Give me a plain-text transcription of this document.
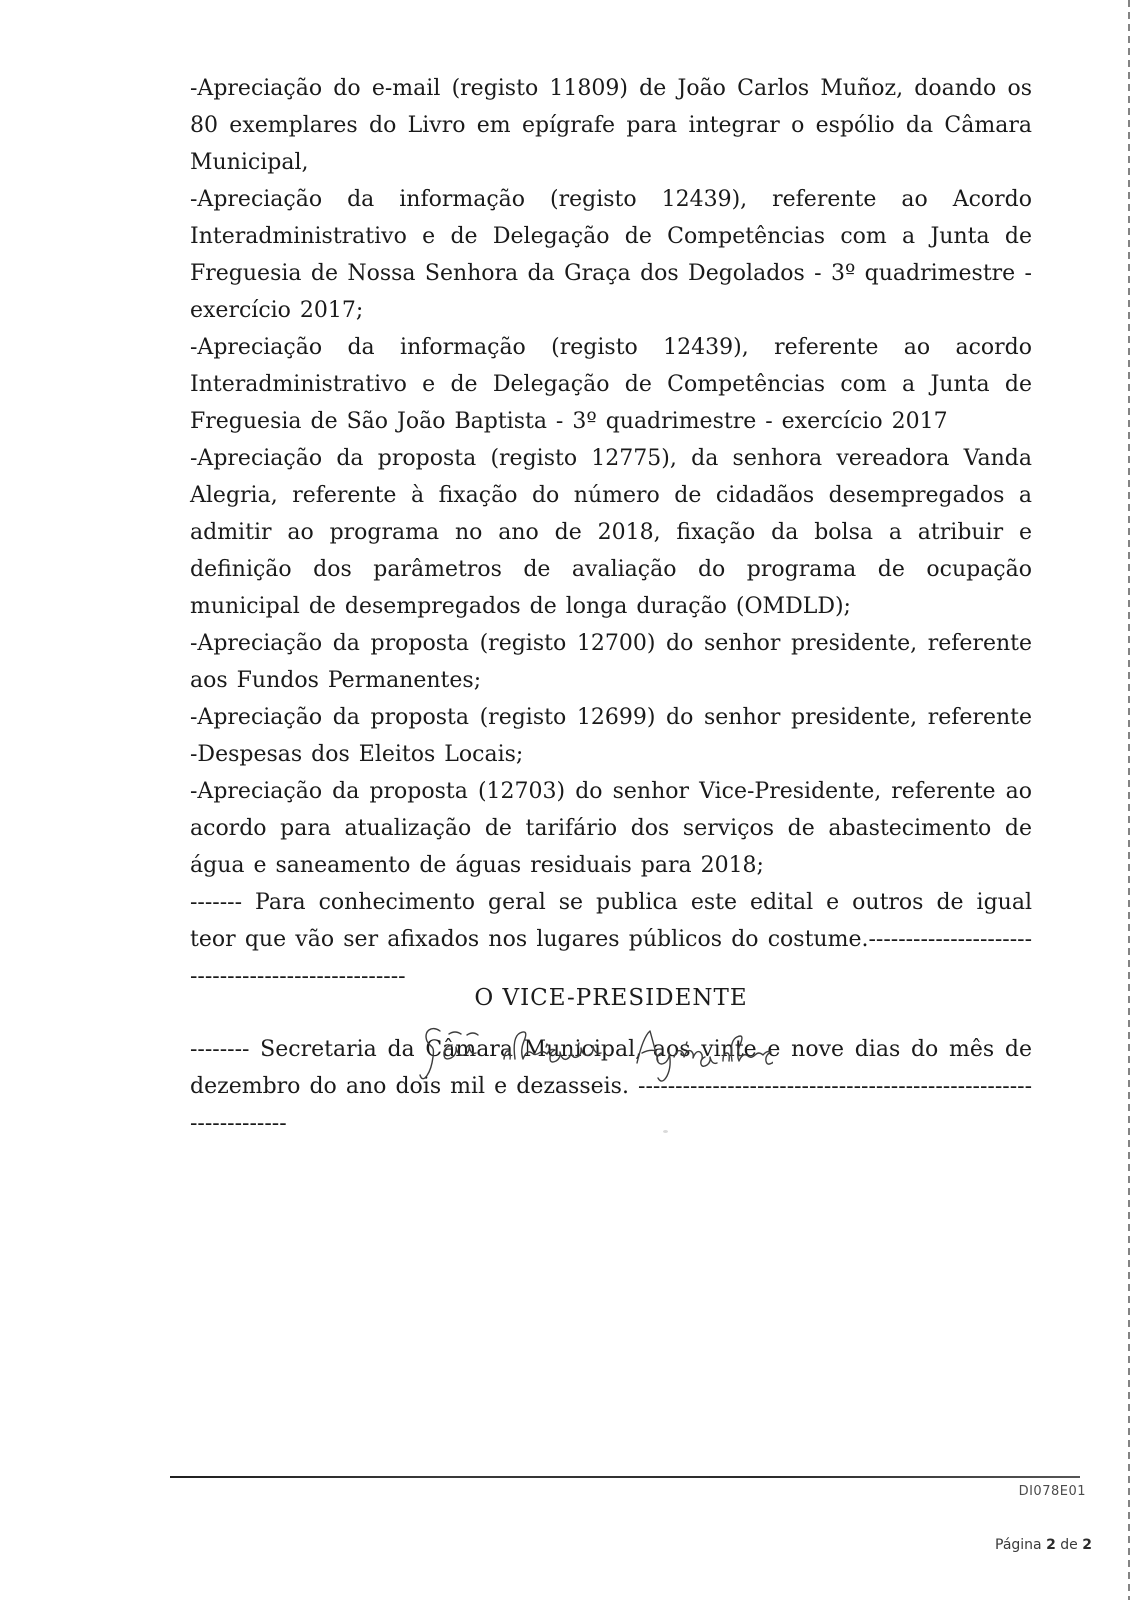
-Apreciação do e-mail (registo 11809) de João Carlos Muñoz, doando os 80 exemplares do Livro em epígrafe para integrar o espólio da Câmara Municipal,

-Apreciação da informação (registo 12439), referente ao Acordo Interadministrativo e de Delegação de Competências com a Junta de Freguesia de Nossa Senhora da Graça dos Degolados - 3º quadrimestre - exercício 2017;

-Apreciação da informação (registo 12439), referente ao acordo Interadministrativo e de Delegação de Competências com a Junta de Freguesia de São João Baptista - 3º quadrimestre - exercício 2017

-Apreciação da proposta (registo 12775), da senhora vereadora Vanda Alegria, referente à fixação do número de cidadãos desempregados a admitir ao programa no ano de 2018, fixação da bolsa a atribuir e definição dos parâmetros de avaliação do programa de ocupação municipal de desempregados de longa duração (OMDLD);

-Apreciação da proposta (registo 12700) do senhor presidente, referente aos Fundos Permanentes;

-Apreciação da proposta (registo 12699) do senhor presidente, referente -Despesas dos Eleitos Locais;

-Apreciação da proposta (12703) do senhor Vice-Presidente, referente ao acordo para atualização de tarifário dos serviços de abastecimento de água e saneamento de águas residuais para 2018;

------- Para conhecimento geral se publica este edital e outros de igual teor que vão ser afixados nos lugares públicos do costume.---------------------------------------------------

-------- Secretaria da Câmara Municipal, aos vinte e nove dias do mês de dezembro do ano dois mil e dezasseis. ------------------------------------------------------------------

O VICE-PRESIDENTE
DI078E01
Página 2 de 2
